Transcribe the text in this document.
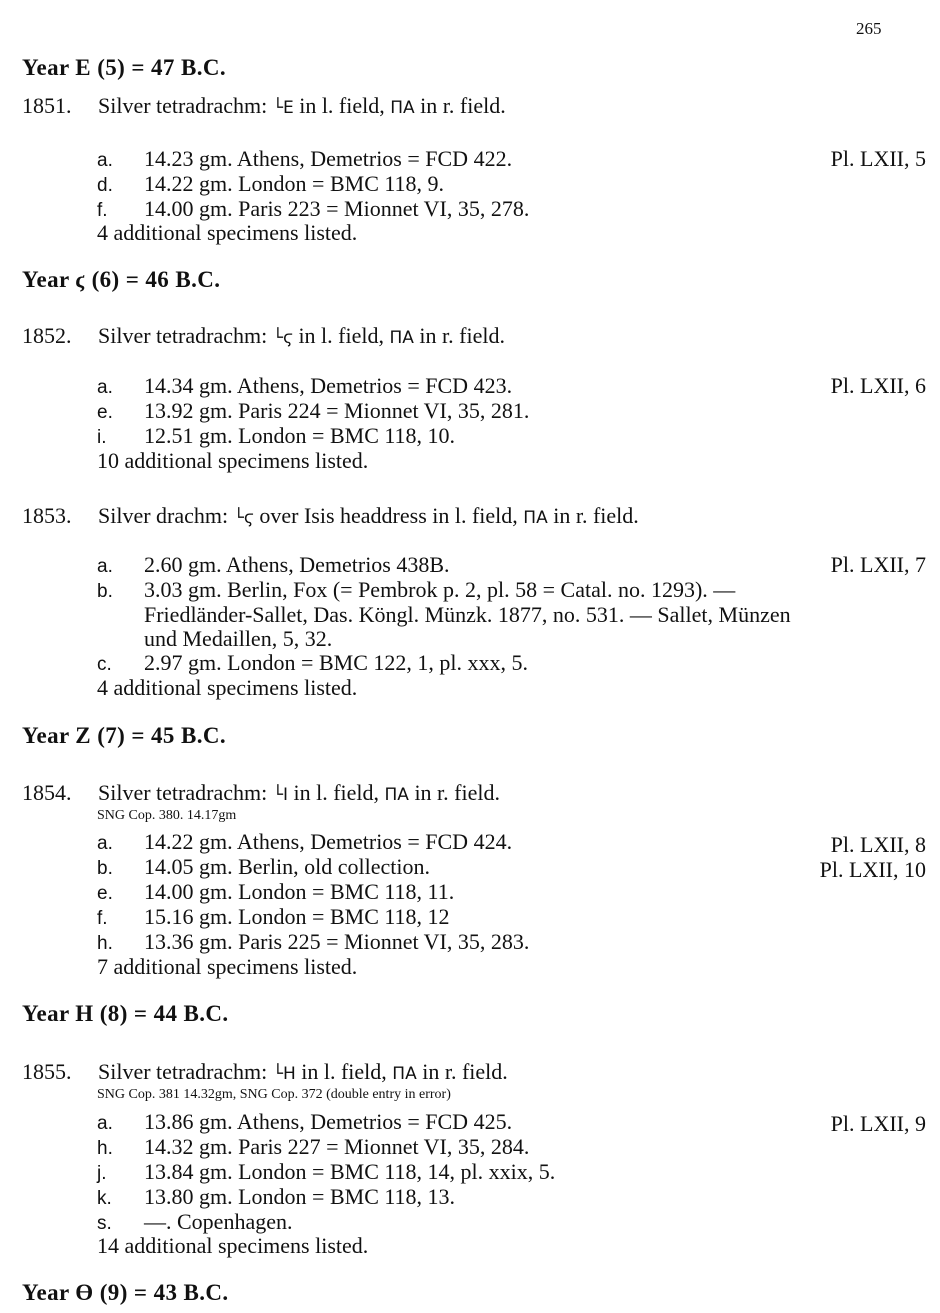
265
Year E (5) = 47 B.C.
1851. Silver tetradrachm: └E in l. field, ΠA in r. field.
a. 14.23 gm. Athens, Demetrios = FCD 422.	Pl. LXII, 5
d. 14.22 gm. London = BMC 118, 9.
f. 14.00 gm. Paris 223 = Mionnet VI, 35, 278.
4 additional specimens listed.
Year ϛ (6) = 46 B.C.
1852. Silver tetradrachm: └ϛ in l. field, ΠA in r. field.
a. 14.34 gm. Athens, Demetrios = FCD 423.	Pl. LXII, 6
e. 13.92 gm. Paris 224 = Mionnet VI, 35, 281.
i. 12.51 gm. London = BMC 118, 10.
10 additional specimens listed.
1853. Silver drachm: └ϛ over Isis headdress in l. field, ΠA in r. field.
a. 2.60 gm. Athens, Demetrios 438B.	Pl. LXII, 7
b. 3.03 gm. Berlin, Fox (= Pembrok p. 2, pl. 58 = Catal. no. 1293). —
Friedländer-Sallet, Das. Köngl. Münzk. 1877, no. 531. — Sallet, Münzen
und Medaillen, 5, 32.
c. 2.97 gm. London = BMC 122, 1, pl. xxx, 5.
4 additional specimens listed.
Year Z (7) = 45 B.C.
1854. Silver tetradrachm: └I in l. field, ΠA in r. field.
SNG Cop. 380. 14.17gm
a. 14.22 gm. Athens, Demetrios = FCD 424.	Pl. LXII, 8
b. 14.05 gm. Berlin, old collection.	Pl. LXII, 10
e. 14.00 gm. London = BMC 118, 11.
f. 15.16 gm. London = BMC 118, 12
h. 13.36 gm. Paris 225 = Mionnet VI, 35, 283.
7 additional specimens listed.
Year H (8) = 44 B.C.
1855. Silver tetradrachm: └H in l. field, ΠA in r. field.
SNG Cop. 381 14.32gm, SNG Cop. 372 (double entry in error)
a. 13.86 gm. Athens, Demetrios = FCD 425.	Pl. LXII, 9
h. 14.32 gm. Paris 227 = Mionnet VI, 35, 284.
j. 13.84 gm. London = BMC 118, 14, pl. xxix, 5.
k. 13.80 gm. London = BMC 118, 13.
s. —. Copenhagen.
14 additional specimens listed.
Year ϴ (9) = 43 B.C.
